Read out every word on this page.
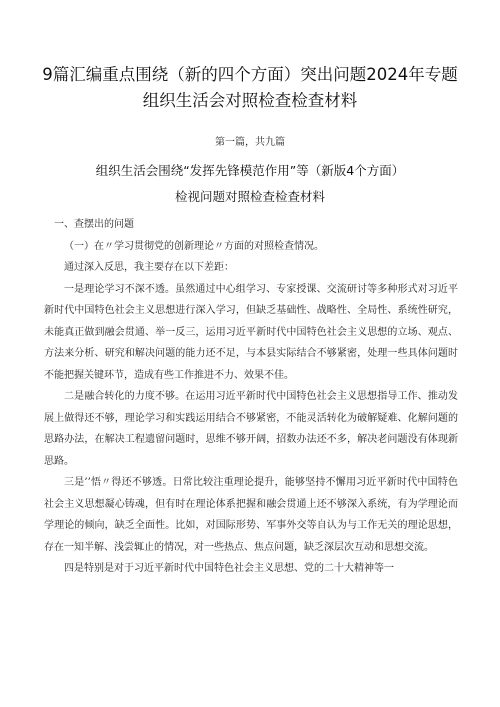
9篇汇编重点围绕（新的四个方面）突出问题2024年专题组织生活会对照检查检查材料
第一篇，共九篇
组织生活会围绕“发挥先锋模范作用”等（新版4个方面）
检视问题对照检查检查材料

一、查摆出的问题

（一）在〃学习贯彻党的创新理论〃方面的对照检查情况。

通过深入反思，我主要存在以下差距：

一是理论学习不深不透。虽然通过中心组学习、专家授课、交流研讨等多种形式对习近平新时代中国特色社会主义思想进行深入学习，但缺乏基础性、战略性、全局性、系统性研究，未能真正做到融会贯通、举一反三，运用习近平新时代中国特色社会主义思想的立场、观点、方法来分析、研究和解决问题的能力还不足，与本县实际结合不够紧密，处理一些具体问题时不能把握关键环节，造成有些工作推进不力、效果不佳。

二是融合转化的力度不够。在运用习近平新时代中国特色社会主义思想指导工作、推动发展上做得还不够，理论学习和实践运用结合不够紧密，不能灵活转化为破解疑难、化解问题的思路办法，在解决工程遗留问题时，思维不够开阔，招数办法还不多，解决老问题没有体现新思路。

三是’’悟〃得还不够透。日常比较注重理论提升，能够坚持不懈用习近平新时代中国特色社会主义思想凝心铸魂，但有时在理论体系把握和融会贯通上还不够深入系统，有为学理论而学理论的倾向，缺乏全面性。比如，对国际形势、军事外交等自认为与工作无关的理论思想，存在一知半解、浅尝辄止的情况，对一些热点、焦点问题，缺乏深层次互动和思想交流。

四是特别是对于习近平新时代中国特色社会主义思想、党的二十大精神等一
